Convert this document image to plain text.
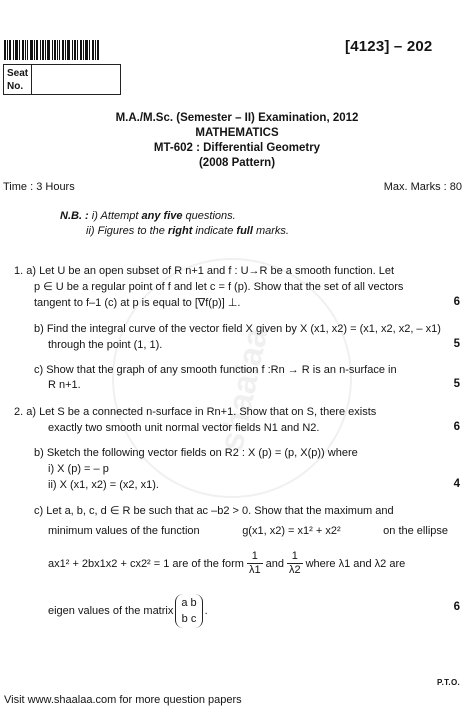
[4123] – 202
Seat No.
M.A./M.Sc. (Semester – II) Examination, 2012
MATHEMATICS
MT-602 : Differential Geometry
(2008 Pattern)
Time : 3 Hours	Max. Marks : 80
N.B. : i) Attempt any five questions.
ii) Figures to the right indicate full marks.
shaalaa
1. a) Let U be an open subset of R n+1 and f : U→R be a smooth function. Let
p ∈ U be a regular point of f and let c = f (p). Show that the set of all vectors
tangent to f–1 (c) at p is equal to [∇f(p)] ⊥.	6
b) Find the integral curve of the vector field X given by X (x1, x2) = (x1, x2, x2, – x1)
through the point (1, 1).	5
c) Show that the graph of any smooth function f :Rn → R is an n-surface in
R n+1.	5
2. a) Let S be a connected n-surface in Rn+1. Show that on S, there exists
exactly two smooth unit normal vector fields N1 and N2.	6
b) Sketch the following vector fields on R2 : X (p) = (p, X(p)) where
i) X (p) = – p
ii) X (x1, x2) = (x2, x1).	4
c) Let a, b, c, d ∈ R be such that ac –b2 > 0. Show that the maximum and
minimum values of the function	g(x1, x2) = x1² + x2²	on the ellipse
ax1² + 2bx1x2 + cx2² = 1 are of the form $\frac{1}{\lambda 1}$ and $\frac{1}{\lambda 2}$ where λ1 and λ2 are
eigen values of the matrix
a b
b c
.	6
P.T.O.
Visit www.shaalaa.com for more question papers
